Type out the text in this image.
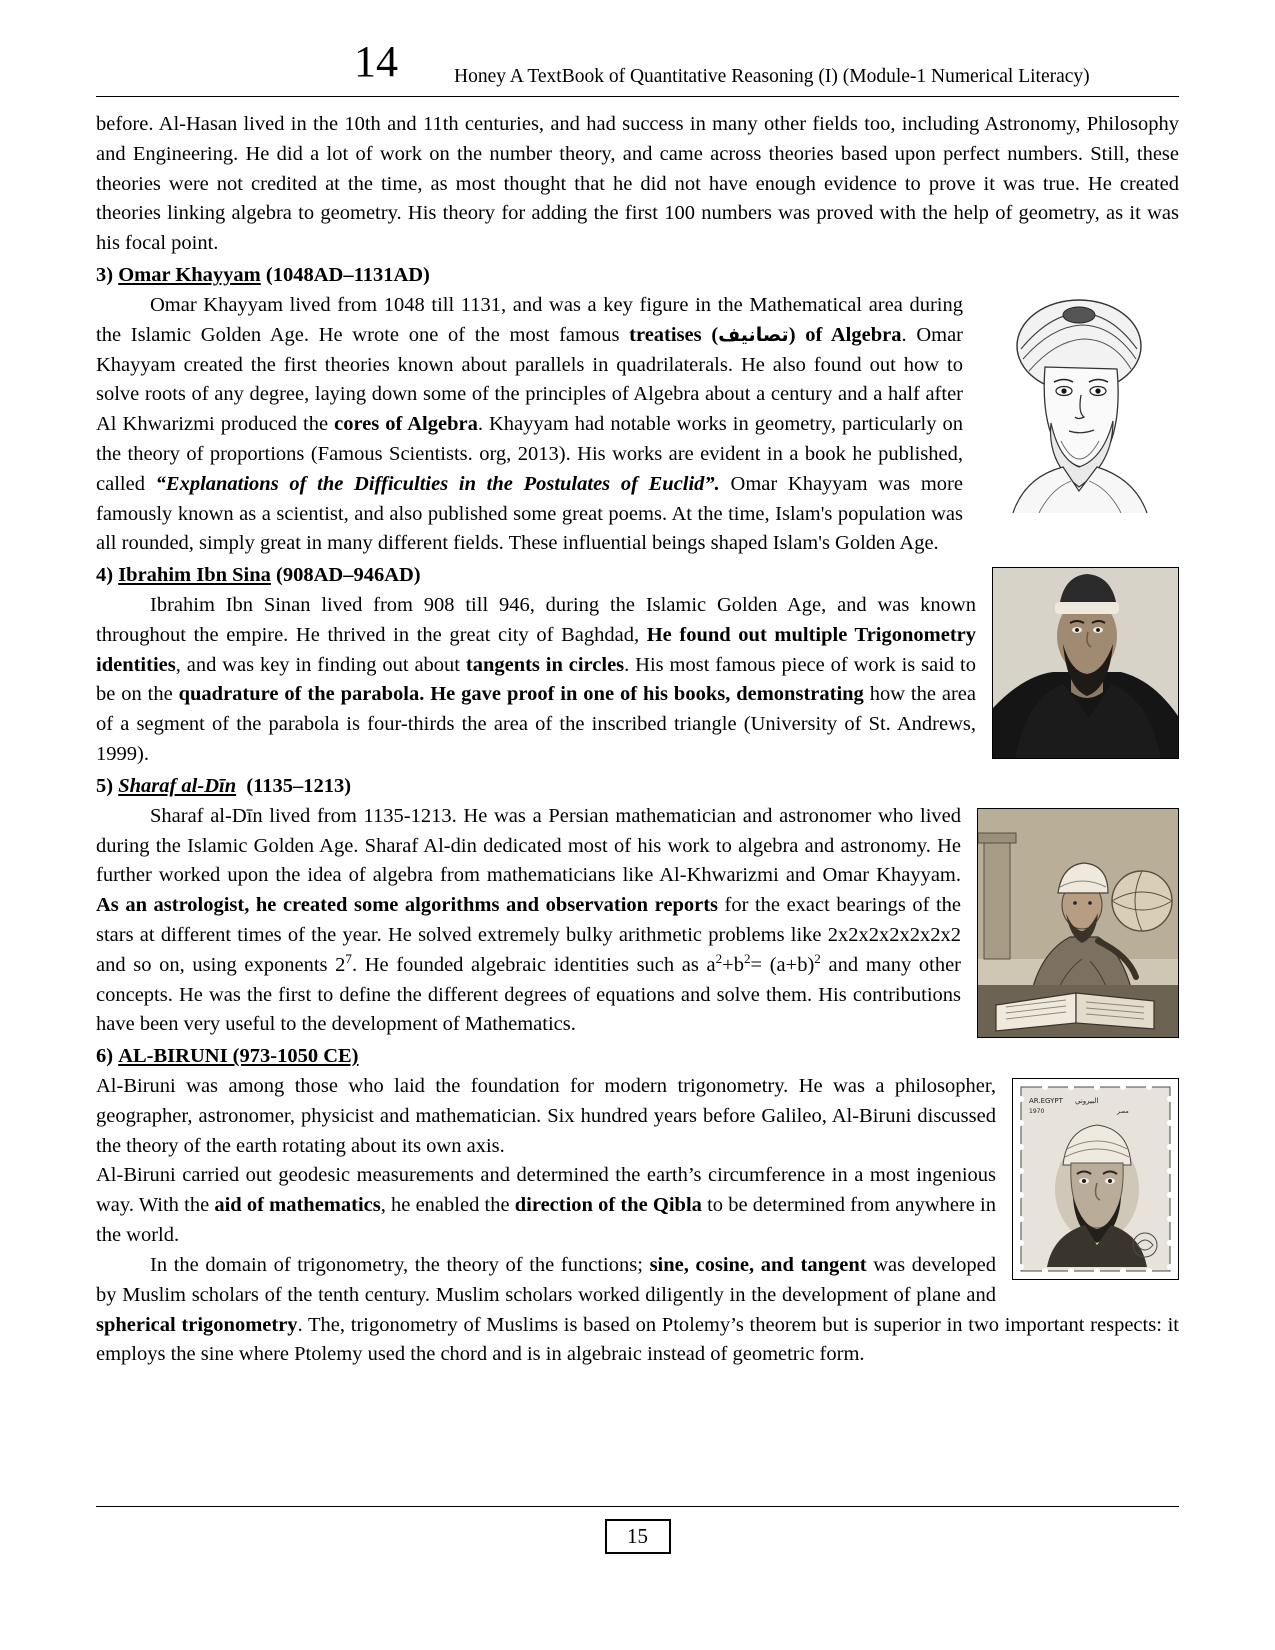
14	Honey A TextBook of Quantitative Reasoning (I) (Module-1 Numerical Literacy)

before. Al-Hasan lived in the 10th and 11th centuries, and had success in many other fields too, including Astronomy, Philosophy and Engineering. He did a lot of work on the number theory, and came across theories based upon perfect numbers. Still, these theories were not credited at the time, as most thought that he did not have enough evidence to prove it was true. He created theories linking algebra to geometry. His theory for adding the first 100 numbers was proved with the help of geometry, as it was his focal point.

3) Omar Khayyam (1048AD–1131AD)

Omar Khayyam lived from 1048 till 1131, and was a key figure in the Mathematical area during the Islamic Golden Age. He wrote one of the most famous treatises (تصانيف) of Algebra. Omar Khayyam created the first theories known about parallels in quadrilaterals. He also found out how to solve roots of any degree, laying down some of the principles of Algebra about a century and a half after Al Khwarizmi produced the cores of Algebra. Khayyam had notable works in geometry, particularly on the theory of proportions (Famous Scientists. org, 2013). His works are evident in a book he published, called “Explanations of the Difficulties in the Postulates of Euclid”. Omar Khayyam was more famously known as a scientist, and also published some great poems. At the time, Islam's population was all rounded, simply great in many different fields. These influential beings shaped Islam's Golden Age.

4) Ibrahim Ibn Sina (908AD–946AD)

Ibrahim Ibn Sinan lived from 908 till 946, during the Islamic Golden Age, and was known throughout the empire. He thrived in the great city of Baghdad, He found out multiple Trigonometry identities, and was key in finding out about tangents in circles. His most famous piece of work is said to be on the quadrature of the parabola. He gave proof in one of his books, demonstrating how the area of a segment of the parabola is four-thirds the area of the inscribed triangle (University of St. Andrews, 1999).

5) Sharaf al-Dīn (1135–1213)

Sharaf al-Dīn lived from 1135-1213. He was a Persian mathematician and astronomer who lived during the Islamic Golden Age. Sharaf Al-din dedicated most of his work to algebra and astronomy. He further worked upon the idea of algebra from mathematicians like Al-Khwarizmi and Omar Khayyam. As an astrologist, he created some algorithms and observation reports for the exact bearings of the stars at different times of the year. He solved extremely bulky arithmetic problems like 2x2x2x2x2x2x2 and so on, using exponents $2^7$. He founded algebraic identities such as $a^2+b^2= (a+b)^2$ and many other concepts. He was the first to define the different degrees of equations and solve them. His contributions have been very useful to the development of Mathematics.

6) AL-BIRUNI (973-1050 CE)

AR.EGYPT
1970
البيروني
مصر

Al-Biruni was among those who laid the foundation for modern trigonometry. He was a philosopher, geographer, astronomer, physicist and mathematician. Six hundred years before Galileo, Al-Biruni discussed the theory of the earth rotating about its own axis.

Al-Biruni carried out geodesic measurements and determined the earth’s circumference in a most ingenious way. With the aid of mathematics, he enabled the direction of the Qibla to be determined from anywhere in the world.

In the domain of trigonometry, the theory of the functions; sine, cosine, and tangent was developed by Muslim scholars of the tenth century. Muslim scholars worked diligently in the development of plane and spherical trigonometry. The, trigonometry of Muslims is based on Ptolemy’s theorem but is superior in two important respects: it employs the sine where Ptolemy used the chord and is in algebraic instead of geometric form.

15
